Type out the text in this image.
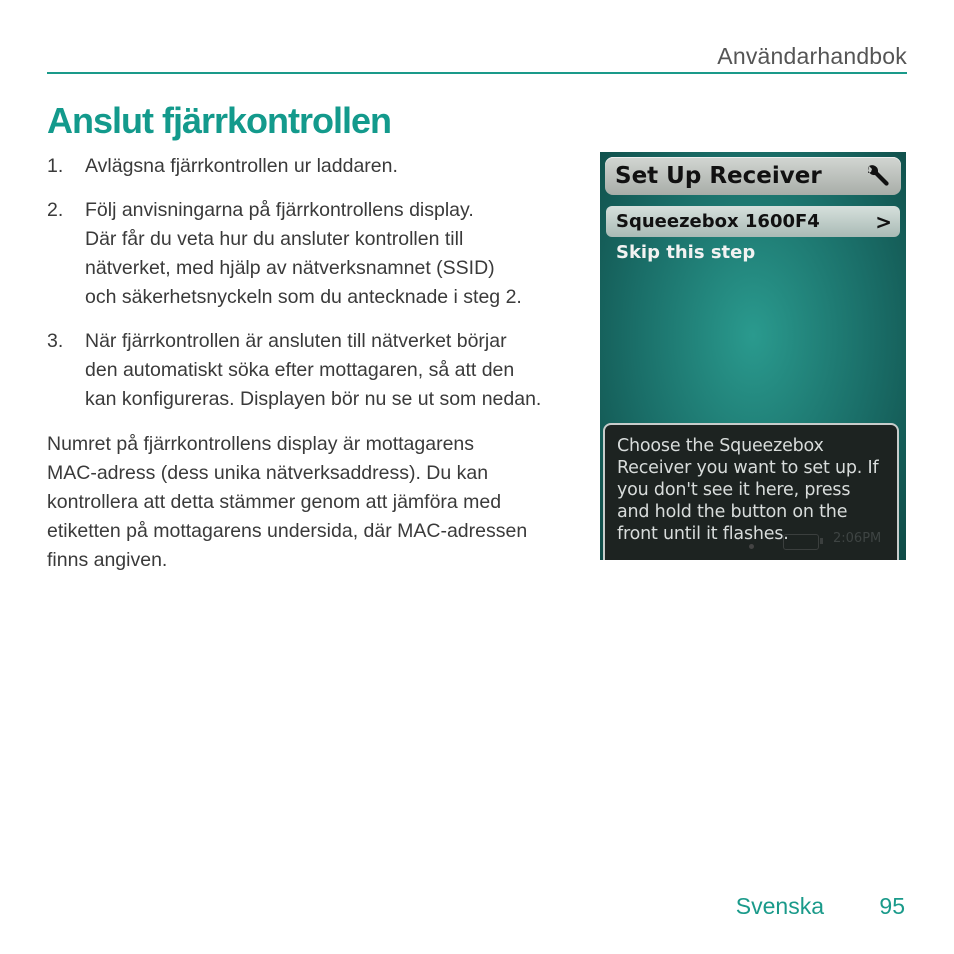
Användarhandbok
Anslut fjärrkontrollen
1. Avlägsna fjärrkontrollen ur laddaren.
2. Följ anvisningarna på fjärrkontrollens display.
Där får du veta hur du ansluter kontrollen till
nätverket, med hjälp av nätverksnamnet (SSID)
och säkerhetsnyckeln som du antecknade i steg 2.
3. När fjärrkontrollen är ansluten till nätverket börjar
den automatiskt söka efter mottagaren, så att den
kan konfigureras. Displayen bör nu se ut som nedan.
Numret på fjärrkontrollens display är mottagarens
MAC-adress (dess unika nätverksaddress). Du kan
kontrollera att detta stämmer genom att jämföra med
etiketten på mottagarens undersida, där MAC-adressen
finns angiven.
Set Up Receiver
Squeezebox 1600F4	>
Skip this step
Choose the Squeezebox
Receiver you want to set up. If
you don't see it here, press
and hold the button on the
front until it flashes.	2:06PM
Svenska 95
